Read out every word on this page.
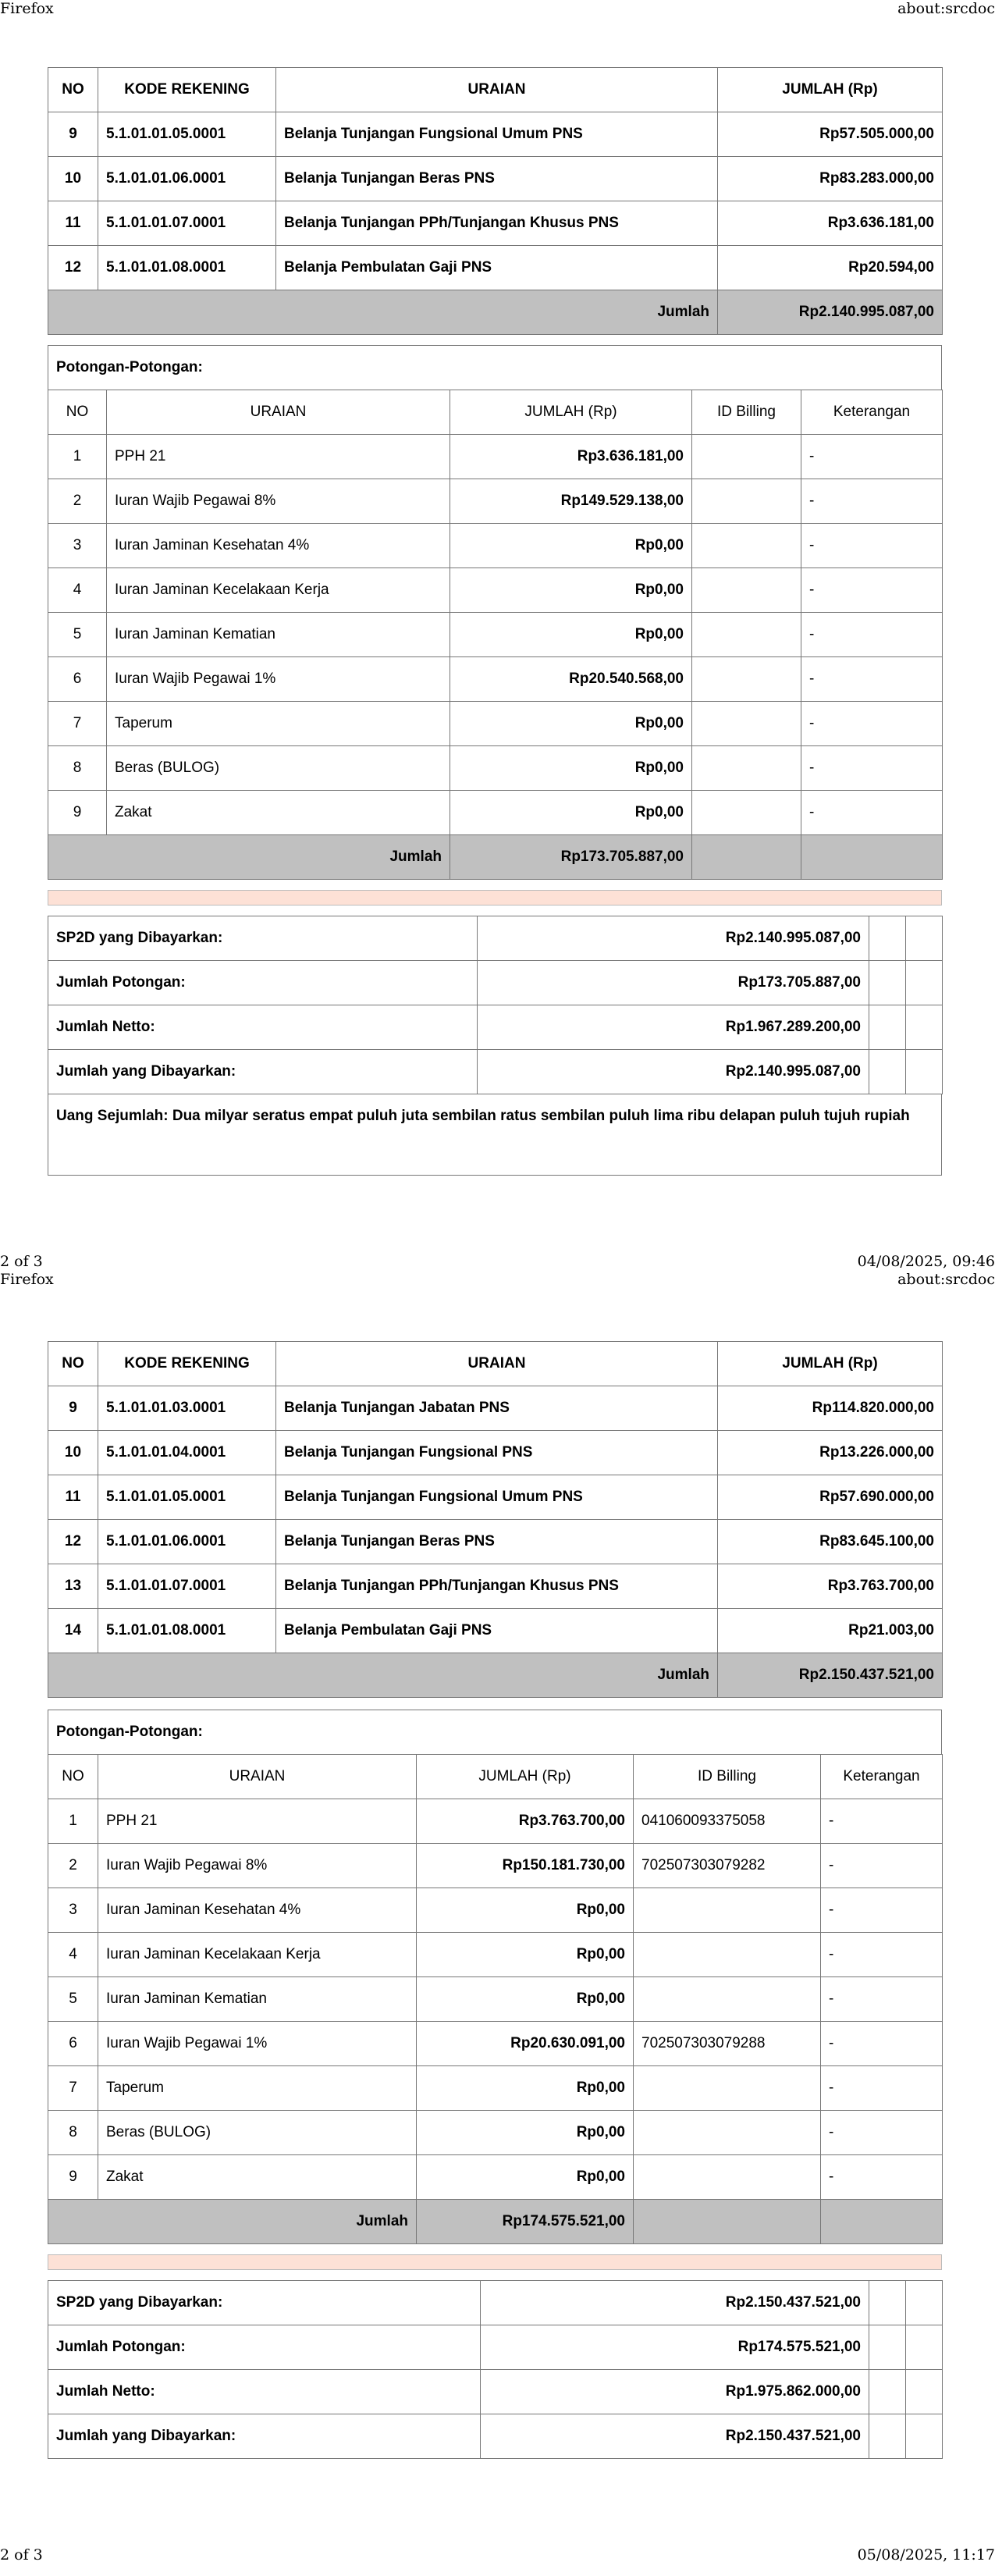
Firefox	about:srcdoc
NO	KODE REKENING	URAIAN	JUMLAH (Rp)
9	5.1.01.01.05.0001	Belanja Tunjangan Fungsional Umum PNS	Rp57.505.000,00
10	5.1.01.01.06.0001	Belanja Tunjangan Beras PNS	Rp83.283.000,00
11	5.1.01.01.07.0001	Belanja Tunjangan PPh/Tunjangan Khusus PNS	Rp3.636.181,00
12	5.1.01.01.08.0001	Belanja Pembulatan Gaji PNS	Rp20.594,00
Jumlah			Rp2.140.995.087,00
Potongan-Potongan:
NO	URAIAN	JUMLAH (Rp)	ID Billing	Keterangan
1	PPH 21	Rp3.636.181,00		-
2	Iuran Wajib Pegawai 8%	Rp149.529.138,00		-
3	Iuran Jaminan Kesehatan 4%	Rp0,00		-
4	Iuran Jaminan Kecelakaan Kerja	Rp0,00		-
5	Iuran Jaminan Kematian	Rp0,00		-
6	Iuran Wajib Pegawai 1%	Rp20.540.568,00		-
7	Taperum	Rp0,00		-
8	Beras (BULOG)	Rp0,00		-
9	Zakat	Rp0,00		-
Jumlah		Rp173.705.887,00		
SP2D yang Dibayarkan:	Rp2.140.995.087,00		
Jumlah Potongan:	Rp173.705.887,00		
Jumlah Netto:	Rp1.967.289.200,00		
Jumlah yang Dibayarkan:	Rp2.140.995.087,00		
Uang Sejumlah: Dua milyar seratus empat puluh juta sembilan ratus sembilan puluh lima ribu delapan puluh tujuh rupiah
2 of 3	04/08/2025, 09:46
Firefox	about:srcdoc
NO	KODE REKENING	URAIAN	JUMLAH (Rp)
9	5.1.01.01.03.0001	Belanja Tunjangan Jabatan PNS	Rp114.820.000,00
10	5.1.01.01.04.0001	Belanja Tunjangan Fungsional PNS	Rp13.226.000,00
11	5.1.01.01.05.0001	Belanja Tunjangan Fungsional Umum PNS	Rp57.690.000,00
12	5.1.01.01.06.0001	Belanja Tunjangan Beras PNS	Rp83.645.100,00
13	5.1.01.01.07.0001	Belanja Tunjangan PPh/Tunjangan Khusus PNS	Rp3.763.700,00
14	5.1.01.01.08.0001	Belanja Pembulatan Gaji PNS	Rp21.003,00
Jumlah			Rp2.150.437.521,00
Potongan-Potongan:
NO	URAIAN	JUMLAH (Rp)	ID Billing	Keterangan
1	PPH 21	Rp3.763.700,00	041060093375058	-
2	Iuran Wajib Pegawai 8%	Rp150.181.730,00	702507303079282	-
3	Iuran Jaminan Kesehatan 4%	Rp0,00		-
4	Iuran Jaminan Kecelakaan Kerja	Rp0,00		-
5	Iuran Jaminan Kematian	Rp0,00		-
6	Iuran Wajib Pegawai 1%	Rp20.630.091,00	702507303079288	-
7	Taperum	Rp0,00		-
8	Beras (BULOG)	Rp0,00		-
9	Zakat	Rp0,00		-
Jumlah		Rp174.575.521,00		
SP2D yang Dibayarkan:	Rp2.150.437.521,00		
Jumlah Potongan:	Rp174.575.521,00		
Jumlah Netto:	Rp1.975.862.000,00		
Jumlah yang Dibayarkan:	Rp2.150.437.521,00		
2 of 3	05/08/2025, 11:17
